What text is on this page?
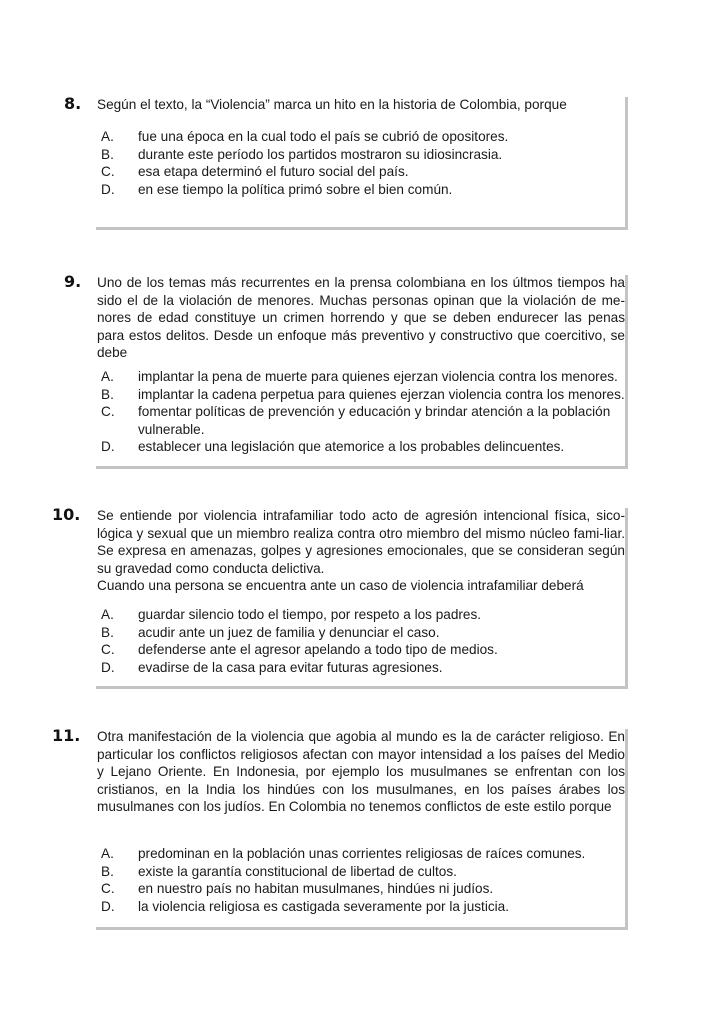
8. Según el texto, la “Violencia” marca un hito en la historia de Colombia, porque
A.	fue una época en la cual todo el país se cubrió de opositores.
B.	durante este período los partidos mostraron su idiosincrasia.
C.	esa etapa determinó el futuro social del país.
D.	en ese tiempo la política primó sobre el bien común.
9. Uno de los temas más recurrentes en la prensa colombiana en los últmos tiempos ha sido el de la violación de menores. Muchas personas opinan que la violación de me-nores de edad constituye un crimen horrendo y que se deben endurecer las penas para estos delitos. Desde un enfoque más preventivo y constructivo que coercitivo, se debe
A.	implantar la pena de muerte para quienes ejerzan violencia contra los menores.
B.	implantar la cadena perpetua para quienes ejerzan violencia contra los menores.
C.	fomentar políticas de prevención y educación y brindar atención a la población vulnerable.
D.	establecer una legislación que atemorice a los probables delincuentes.
10. Se entiende por violencia intrafamiliar todo acto de agresión intencional física, sico-lógica y sexual que un miembro realiza contra otro miembro del mismo núcleo fami-liar. Se expresa en amenazas, golpes y agresiones emocionales, que se consideran según su gravedad como conducta delictiva.
Cuando una persona se encuentra ante un caso de violencia intrafamiliar deberá
A.	guardar silencio todo el tiempo, por respeto a los padres.
B.	acudir ante un juez de familia y denunciar el caso.
C.	defenderse ante el agresor apelando a todo tipo de medios.
D.	evadirse de la casa para evitar futuras agresiones.
11. Otra manifestación de la violencia que agobia al mundo es la de carácter religioso. En particular los conflictos religiosos afectan con mayor intensidad a los países del Medio y Lejano Oriente. En Indonesia, por ejemplo los musulmanes se enfrentan con los cristianos, en la India los hindúes con los musulmanes, en los países árabes los musulmanes con los judíos. En Colombia no tenemos conflictos de este estilo porque
A.	predominan en la población unas corrientes religiosas de raíces comunes.
B.	existe la garantía constitucional de libertad de cultos.
C.	en nuestro país no habitan musulmanes, hindúes ni judíos.
D.	la violencia religiosa es castigada severamente por la justicia.
